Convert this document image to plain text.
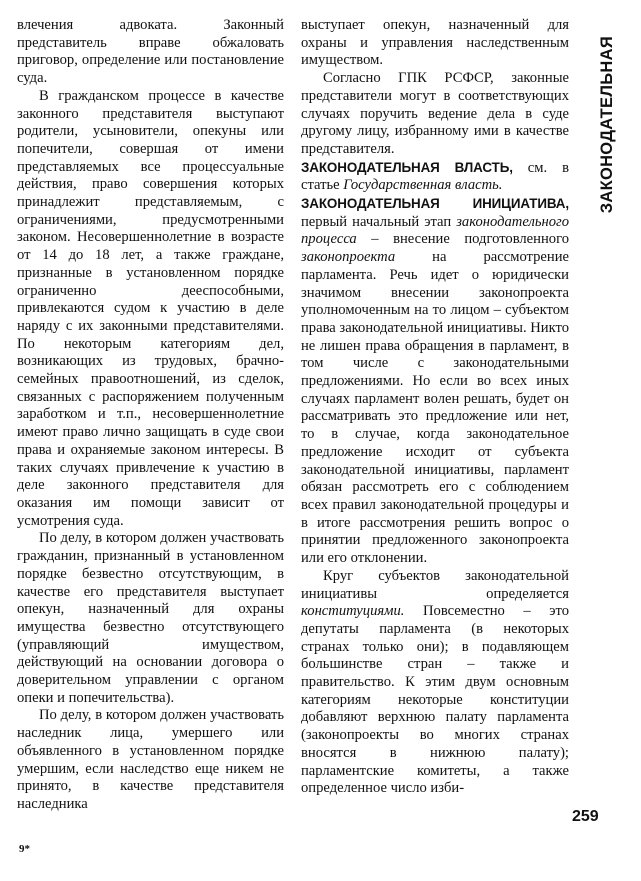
влечения адвоката. Законный представитель вправе обжаловать приговор, определение или постановление суда.

В гражданском процессе в качестве законного представителя выступают родители, усыновители, опекуны или попечители, совершая от имени представляемых все процессуальные действия, право совершения которых принадлежит представляемым, с ограничениями, предусмотренными законом. Несовершеннолетние в возрасте от 14 до 18 лет, а также граждане, признанные в установленном порядке ограниченно дееспособными, привлекаются судом к участию в деле наряду с их законными представителями. По некоторым категориям дел, возникающих из трудовых, брачно-семейных правоотношений, из сделок, связанных с распоряжением полученным заработком и т.п., несовершеннолетние имеют право лично защищать в суде свои права и охраняемые законом интересы. В таких случаях привлечение к участию в деле законного представителя для оказания им помощи зависит от усмотрения суда.

По делу, в котором должен участвовать гражданин, признанный в установленном порядке безвестно отсутствующим, в качестве его представителя выступает опекун, назначенный для охраны имущества безвестно отсутствующего (управляющий имуществом, действующий на основании договора о доверительном управлении с органом опеки и попечительства).

По делу, в котором должен участвовать наследник лица, умершего или объявленного в установленном порядке умершим, если наследство еще никем не принято, в качестве представителя наследника

выступает опекун, назначенный для охраны и управления наследственным имуществом.

Согласно ГПК РСФСР, законные представители могут в соответствующих случаях поручить ведение дела в суде другому лицу, избранному ими в качестве представителя.

ЗАКОНОДАТЕЛЬНАЯ ВЛАСТЬ, см. в статье Государственная власть.

ЗАКОНОДАТЕЛЬНАЯ ИНИЦИАТИВА, первый начальный этап законодательного процесса – внесение подготовленного законопроекта на рассмотрение парламента. Речь идет о юридически значимом внесении законопроекта уполномоченным на то лицом – субъектом права законодательной инициативы. Никто не лишен права обращения в парламент, в том числе с законодательными предложениями. Но если во всех иных случаях парламент волен решать, будет он рассматривать это предложение или нет, то в случае, когда законодательное предложение исходит от субъекта законодательной инициативы, парламент обязан рассмотреть его с соблюдением всех правил законодательной процедуры и в итоге рассмотрения решить вопрос о принятии предложенного законопроекта или его отклонении.

Круг субъектов законодательной инициативы определяется конституциями. Повсеместно – это депутаты парламента (в некоторых странах только они); в подавляющем большинстве стран – также и правительство. К этим двум основным категориям некоторые конституции добавляют верхнюю палату парламента (законопроекты во многих странах вносятся в нижнюю палату); парламентские комитеты, а также определенное число изби-

ЗАКОНОДАТЕЛЬНАЯ
259
9*
